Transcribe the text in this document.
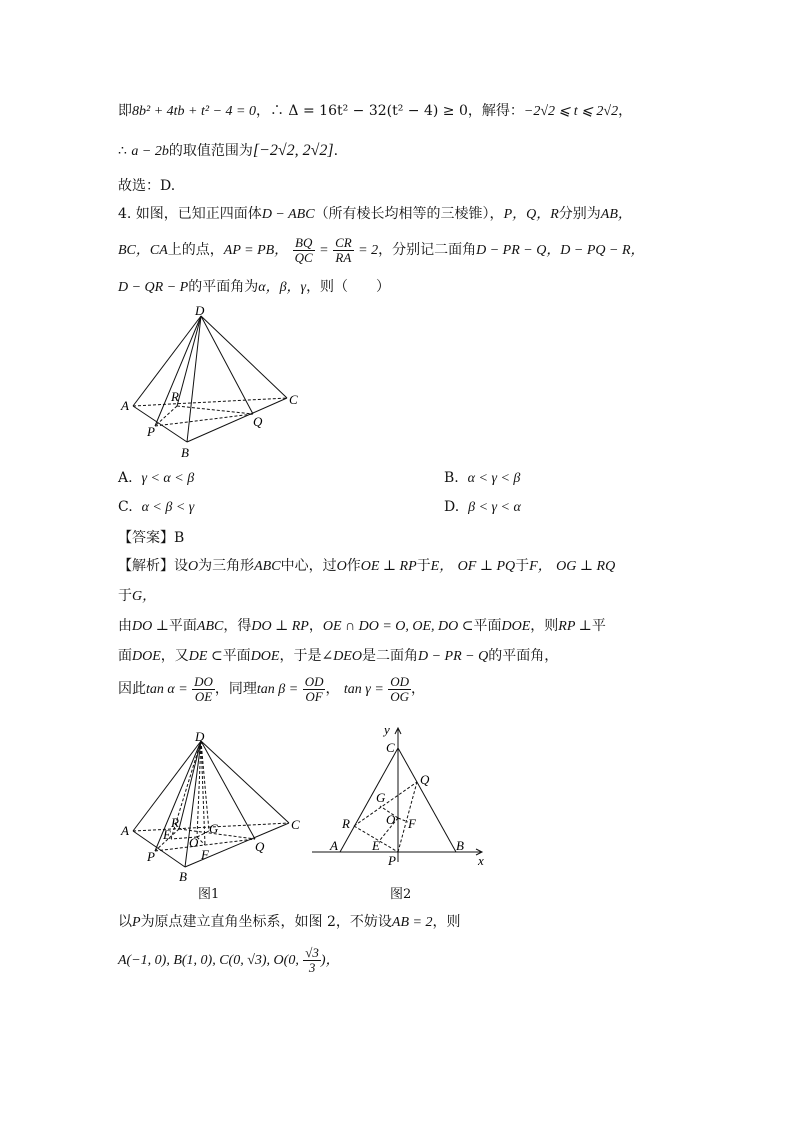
即8b² + 4tb + t² − 4 = 0，∴ Δ = 16t² − 32(t² − 4) ≥ 0，解得：−2√2 ⩽ t ⩽ 2√2，
∴ a − 2b的取值范围为[−2√2, 2√2].
故选：D.
4. 如图，已知正四面体D − ABC（所有棱长均相等的三棱锥），P，Q，R分别为AB，
BC，CA上的点，AP = PB， $\frac{BQ}{QC} = \frac{CR}{RA} = 2$，分别记二面角D − PR − Q，D − PQ − R，
D − QR − P的平面角为α，β，γ，则（　　）
D
A
R	C
P
Q
B
A. γ < α < β	B. α < γ < β
C. α < β < γ	D. β < γ < α
【答案】B
【解析】设O为三角形ABC中心，过O作OE ⊥ RP于E， OF ⊥ PQ于F， OG ⊥ RQ
于G，
由DO ⊥平面ABC，得DO ⊥ RP，OE ∩ DO = O, OE, DO ⊂平面DOE，则RP ⊥平
面DOE，又DE ⊂平面DOE，于是∠DEO是二面角D − PR − Q的平面角，
因此$\tan \alpha = \frac{DO}{OE}$ ，同理$\tan \beta = \frac{OD}{OF}$ ， $\tan \gamma = \frac{OD}{OG}$ ，
D
A
R
E
O
G
F
C
P
Q
B
图1
y
C
Q
G
R	O F
A	E
P
B
x
图2
以P为原点建立直角坐标系，如图 2，不妨设AB = 2，则
A(−1, 0), B(1, 0), C(0, √3), O(0, $\frac{√3}{3}$ )，
